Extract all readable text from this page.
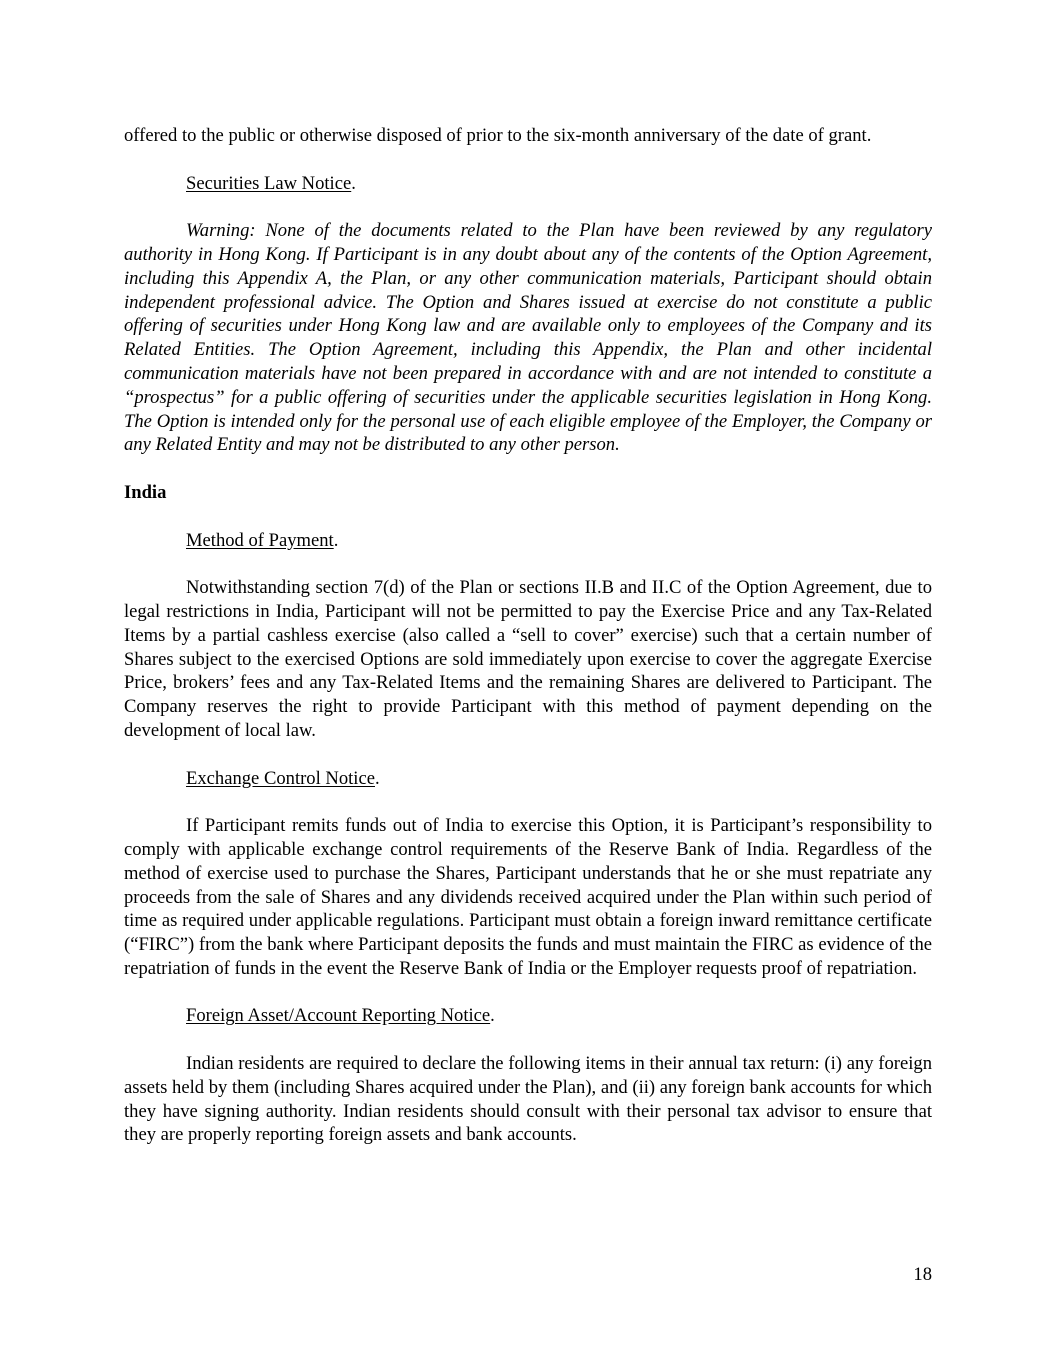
offered to the public or otherwise disposed of prior to the six-month anniversary of the date of grant.

Securities Law Notice.

Warning: None of the documents related to the Plan have been reviewed by any regulatory authority in Hong Kong. If Participant is in any doubt about any of the contents of the Option Agreement, including this Appendix A, the Plan, or any other communication materials, Participant should obtain independent professional advice. The Option and Shares issued at exercise do not constitute a public offering of securities under Hong Kong law and are available only to employees of the Company and its Related Entities. The Option Agreement, including this Appendix, the Plan and other incidental communication materials have not been prepared in accordance with and are not intended to constitute a “prospectus” for a public offering of securities under the applicable securities legislation in Hong Kong. The Option is intended only for the personal use of each eligible employee of the Employer, the Company or any Related Entity and may not be distributed to any other person.

India

Method of Payment.

Notwithstanding section 7(d) of the Plan or sections II.B and II.C of the Option Agreement, due to legal restrictions in India, Participant will not be permitted to pay the Exercise Price and any Tax-Related Items by a partial cashless exercise (also called a “sell to cover” exercise) such that a certain number of Shares subject to the exercised Options are sold immediately upon exercise to cover the aggregate Exercise Price, brokers’ fees and any Tax-Related Items and the remaining Shares are delivered to Participant. The Company reserves the right to provide Participant with this method of payment depending on the development of local law.

Exchange Control Notice.

If Participant remits funds out of India to exercise this Option, it is Participant’s responsibility to comply with applicable exchange control requirements of the Reserve Bank of India. Regardless of the method of exercise used to purchase the Shares, Participant understands that he or she must repatriate any proceeds from the sale of Shares and any dividends received acquired under the Plan within such period of time as required under applicable regulations. Participant must obtain a foreign inward remittance certificate (“FIRC”) from the bank where Participant deposits the funds and must maintain the FIRC as evidence of the repatriation of funds in the event the Reserve Bank of India or the Employer requests proof of repatriation.

Foreign Asset/Account Reporting Notice.

Indian residents are required to declare the following items in their annual tax return: (i) any foreign assets held by them (including Shares acquired under the Plan), and (ii) any foreign bank accounts for which they have signing authority. Indian residents should consult with their personal tax advisor to ensure that they are properly reporting foreign assets and bank accounts.

18
